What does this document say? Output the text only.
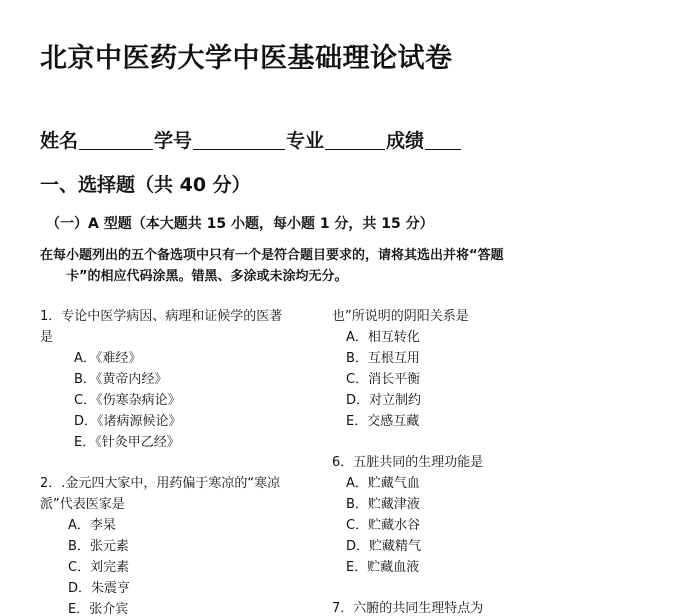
北京中医药大学中医基础理论试卷
姓名	学号	专业	成绩
一、选择题（共 40 分）
（一）A 型题（本大题共 15 小题，每小题 1 分，共 15 分）
在每小题列出的五个备选项中只有一个是符合题目要求的，请将其选出并将“答题
卡”的相应代码涂黑。错黑、多涂或未涂均无分。
1．专论中医学病因、病理和证候学的医著
是
A．《难经》
B．《黄帝内经》
C．《伤寒杂病论》
D．《诸病源候论》
E．《针灸甲乙经》
2．.金元四大家中，用药偏于寒凉的“寒凉
派”代表医家是
A．李杲
B．张元素
C．刘完素
D．朱震亨
E．张介宾
也”所说明的阴阳关系是
A．相互转化
B．互根互用
C．消长平衡
D．对立制约
E．交感互藏
6．五脏共同的生理功能是
A．贮藏气血
B．贮藏津液
C．贮藏水谷
D．贮藏精气
E．贮藏血液
7．六腑的共同生理特点为
